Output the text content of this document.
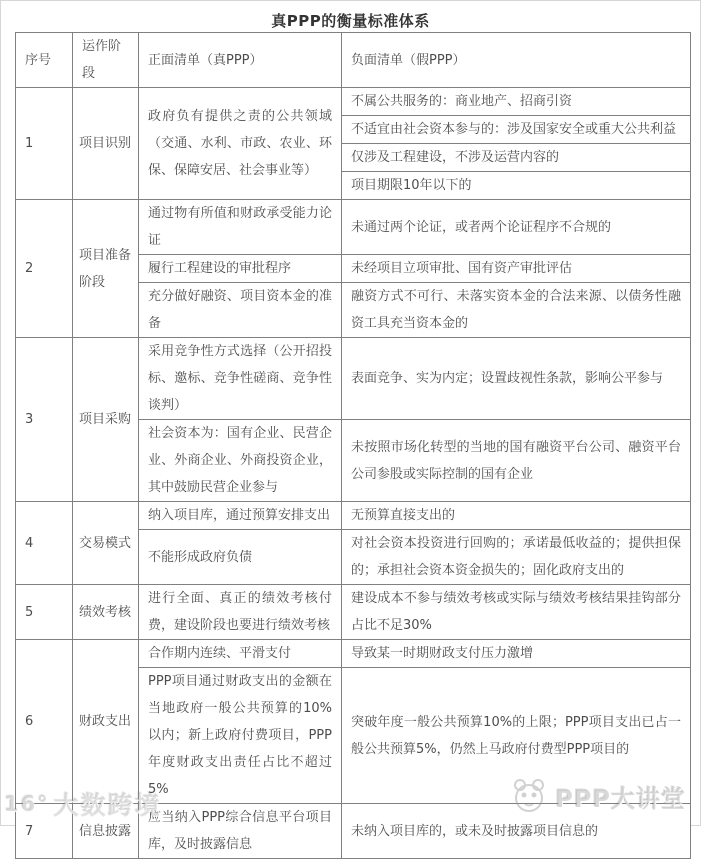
真PPP的衡量标准体系
序号	运作阶段	正面清单（真PPP）	负面清单（假PPP）
1	项目识别	政府负有提供之责的公共领域（交通、水利、市政、农业、环保、保障安居、社会事业等）	不属公共服务的：商业地产、招商引资
			不适宜由社会资本参与的：涉及国家安全或重大公共利益
			仅涉及工程建设，不涉及运营内容的
			项目期限10年以下的
2	项目准备阶段	通过物有所值和财政承受能力论证	未通过两个论证，或者两个论证程序不合规的
		履行工程建设的审批程序	未经项目立项审批、国有资产审批评估
		充分做好融资、项目资本金的准备	融资方式不可行、未落实资本金的合法来源、以债务性融资工具充当资本金的
3	项目采购	采用竞争性方式选择（公开招投标、邀标、竞争性磋商、竞争性谈判）	表面竞争、实为内定；设置歧视性条款，影响公平参与
		社会资本为：国有企业、民营企业、外商企业、外商投资企业，其中鼓励民营企业参与	未按照市场化转型的当地的国有融资平台公司、融资平台公司参股或实际控制的国有企业
4	交易模式	纳入项目库，通过预算安排支出	无预算直接支出的
		不能形成政府负债	对社会资本投资进行回购的；承诺最低收益的；提供担保的；承担社会资本资金损失的；固化政府支出的
5	绩效考核	进行全面、真正的绩效考核付费，建设阶段也要进行绩效考核	建设成本不参与绩效考核或实际与绩效考核结果挂钩部分占比不足30%
6	财政支出	合作期内连续、平滑支付	导致某一时期财政支付压力激增
		PPP项目通过财政支出的金额在当地政府一般公共预算的10%以内；新上政府付费项目，PPP年度财政支出责任占比不超过5%	突破年度一般公共预算10%的上限；PPP项目支出已占一般公共预算5%，仍然上马政府付费型PPP项目的
7	信息披露	应当纳入PPP综合信息平台项目库，及时披露信息	未纳入项目库的，或未及时披露项目信息的
16° 大数跨境	PPP大讲堂
